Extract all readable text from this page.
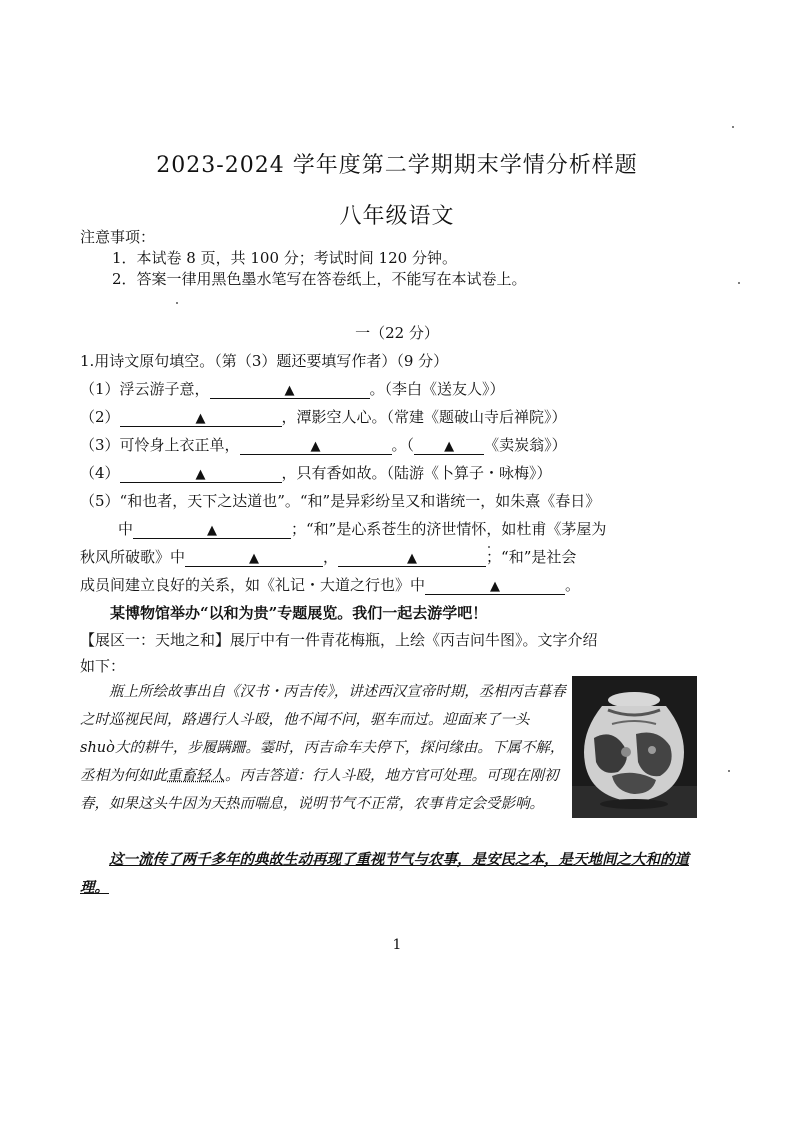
2023-2024 学年度第二学期期末学情分析样题
八年级语文
注意事项：
1．本试卷 8 页，共 100 分；考试时间 120 分钟。
2．答案一律用黑色墨水笔写在答卷纸上，不能写在本试卷上。
一（22 分）
1.用诗文原句填空。（第（3）题还要填写作者）（9 分）
（1）浮云游子意，	▲	。（李白《送友人》）
（2）	▲	，潭影空人心。（常建《题破山寺后禅院》）
（3）可怜身上衣正单，	▲	。（ ▲ 《卖炭翁》）
（4）	▲	，只有香如故。（陆游《卜算子・咏梅》）
（5）“和也者，天下之达道也”。“和”是异彩纷呈又和谐统一，如朱熹《春日》
中	▲	；“和”是心系苍生的济世情怀，如杜甫《茅屋为
秋风所破歌》中	▲	，	▲	；“和”是社会
成员间建立良好的关系，如《礼记・大道之行也》中	▲	。
某博物馆举办“以和为贵”专题展览。我们一起去游学吧！
【展区一：天地之和】展厅中有一件青花梅瓶，上绘《丙吉问牛图》。文字介绍
如下：

瓶上所绘故事出自《汉书・丙吉传》，讲述西汉宣帝时期，丞相丙吉暮春之时巡视民间，路遇行人斗殴，他不闻不问，驱车而过。迎面来了一头 shuò大的耕牛，步履蹒跚。霎时，丙吉命车夫停下，探问缘由。下属不解，丞相为何如此重畜轻人。丙吉答道：行人斗殴，地方官可处理。可现在刚初春，如果这头牛因为天热而喘息，说明节气不正常，农事肯定会受影响。

这一流传了两千多年的典故生动再现了重视节气与农事，是安民之本，是天地间之大和的道理。

1
